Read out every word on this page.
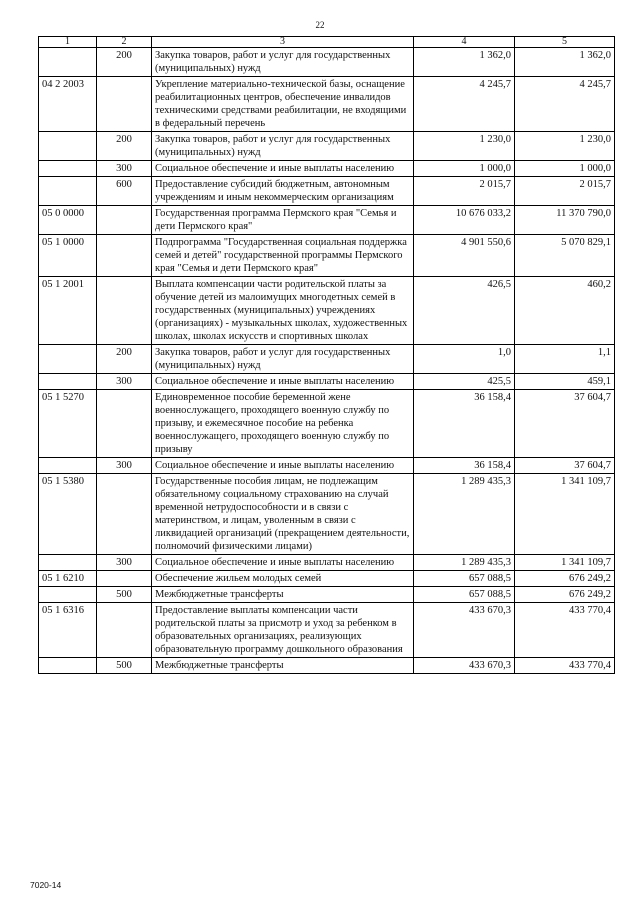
22
1	2	3	4	5
	200	Закупка товаров, работ и услуг для государственных (муниципальных) нужд	1 362,0	1 362,0
04 2 2003		Укрепление материально-технической базы, оснащение реабилитационных центров, обеспечение инвалидов техническими средствами реабилитации, не входящими в федеральный перечень	4 245,7	4 245,7
	200	Закупка товаров, работ и услуг для государственных (муниципальных) нужд	1 230,0	1 230,0
	300	Социальное обеспечение и иные выплаты населению	1 000,0	1 000,0
	600	Предоставление субсидий бюджетным, автономным учреждениям и иным некоммерческим организациям	2 015,7	2 015,7
05 0 0000		Государственная программа Пермского края "Семья и дети Пермского края"	10 676 033,2	11 370 790,0
05 1 0000		Подпрограмма "Государственная социальная поддержка семей и детей" государственной программы Пермского края "Семья и дети Пермского края"	4 901 550,6	5 070 829,1
05 1 2001		Выплата компенсации части родительской платы за обучение детей из малоимущих многодетных семей в государственных (муниципальных) учреждениях (организациях) - музыкальных школах, художественных школах, школах искусств и спортивных школах	426,5	460,2
	200	Закупка товаров, работ и услуг для государственных (муниципальных) нужд	1,0	1,1
	300	Социальное обеспечение и иные выплаты населению	425,5	459,1
05 1 5270		Единовременное пособие беременной жене военнослужащего, проходящего военную службу по призыву, и ежемесячное пособие на ребенка военнослужащего, проходящего военную службу по призыву	36 158,4	37 604,7
	300	Социальное обеспечение и иные выплаты населению	36 158,4	37 604,7
05 1 5380		Государственные пособия лицам, не подлежащим обязательному социальному страхованию на случай временной нетрудоспособности и в связи с материнством, и лицам, уволенным в связи с ликвидацией организаций (прекращением деятельности, полномочий физическими лицами)	1 289 435,3	1 341 109,7
	300	Социальное обеспечение и иные выплаты населению	1 289 435,3	1 341 109,7
05 1 6210		Обеспечение жильем молодых семей	657 088,5	676 249,2
	500	Межбюджетные трансферты	657 088,5	676 249,2
05 1 6316		Предоставление выплаты компенсации части родительской платы за присмотр и уход за ребенком в образовательных организациях, реализующих образовательную программу дошкольного образования	433 670,3	433 770,4
	500	Межбюджетные трансферты	433 670,3	433 770,4
7020-14
